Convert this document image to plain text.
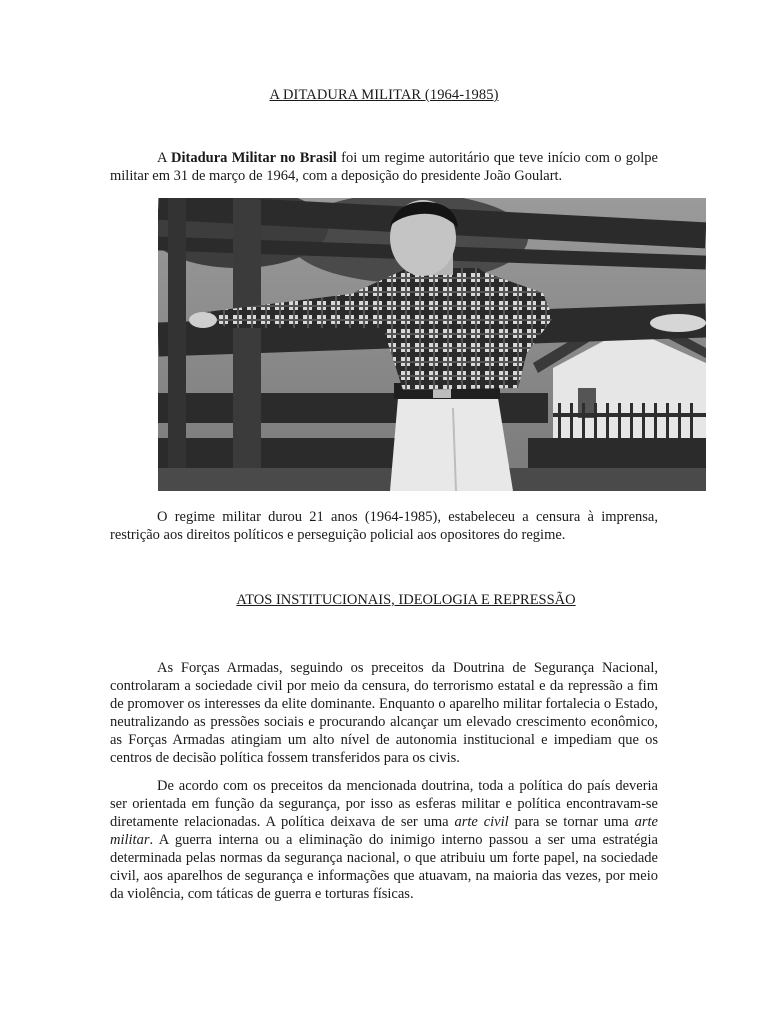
A DITADURA MILITAR (1964-1985)
A Ditadura Militar no Brasil foi um regime autoritário que teve início com o golpe militar em 31 de março de 1964, com a deposição do presidente João Goulart.
O regime militar durou 21 anos (1964-1985), estabeleceu a censura à imprensa, restrição aos direitos políticos e perseguição policial aos opositores do regime.
ATOS INSTITUCIONAIS, IDEOLOGIA E REPRESSÃO
As Forças Armadas, seguindo os preceitos da Doutrina de Segurança Nacional, controlaram a sociedade civil por meio da censura, do terrorismo estatal e da repressão a fim de promover os interesses da elite dominante. Enquanto o aparelho militar fortalecia o Estado, neutralizando as pressões sociais e procurando alcançar um elevado crescimento econômico, as Forças Armadas atingiam um alto nível de autonomia institucional e impediam que os centros de decisão política fossem transferidos para os civis.
De acordo com os preceitos da mencionada doutrina, toda a política do país deveria ser orientada em função da segurança, por isso as esferas militar e política encontravam-se diretamente relacionadas. A política deixava de ser uma arte civil para se tornar uma arte militar. A guerra interna ou a eliminação do inimigo interno passou a ser uma estratégia determinada pelas normas da segurança nacional, o que atribuiu um forte papel, na sociedade civil, aos aparelhos de segurança e informações que atuavam, na maioria das vezes, por meio da violência, com táticas de guerra e torturas físicas.
